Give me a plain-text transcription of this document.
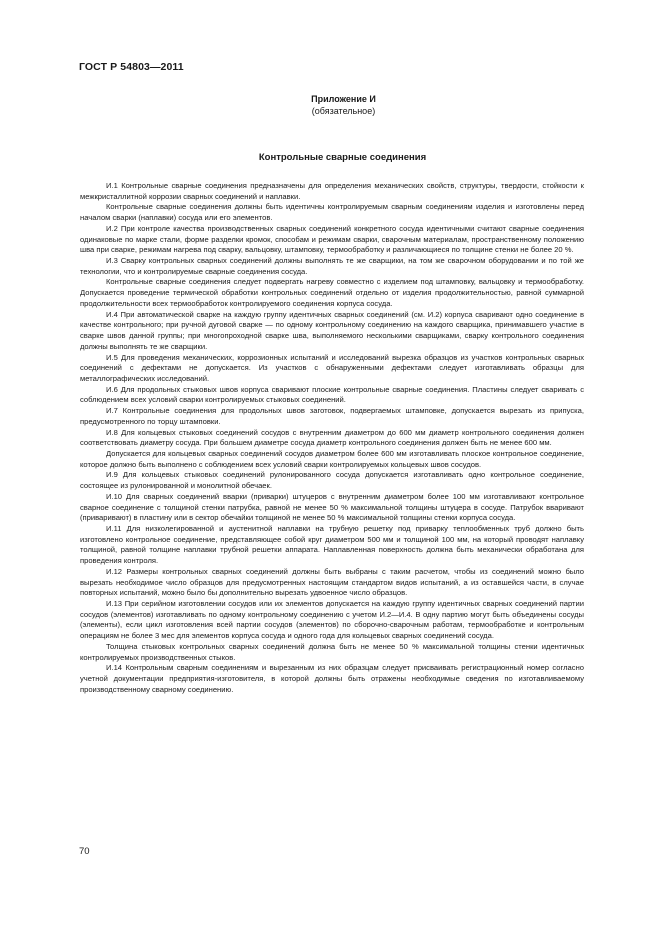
ГОСТ Р 54803—2011
Приложение И
(обязательное)
Контрольные сварные соединения

И.1 Контрольные сварные соединения предназначены для определения механических свойств, структуры, твердости, стойкости к межкристаллитной коррозии сварных соединений и наплавки.

Контрольные сварные соединения должны быть идентичны контролируемым сварным соединениям изделия и изготовлены перед началом сварки (наплавки) сосуда или его элементов.

И.2 При контроле качества производственных сварных соединений конкретного сосуда идентичными считают сварные соединения одинаковые по марке стали, форме разделки кромок, способам и режимам сварки, сварочным материалам, пространственному положению шва при сварке, режимам нагрева под сварку, вальцовку, штамповку, термообработку и различающиеся по толщине стенки не более 20 %.

И.3 Сварку контрольных сварных соединений должны выполнять те же сварщики, на том же сварочном оборудовании и по той же технологии, что и контролируемые сварные соединения сосуда.

Контрольные сварные соединения следует подвергать нагреву совместно с изделием под штамповку, вальцовку и термообработку. Допускается проведение термической обработки контрольных соединений отдельно от изделия продолжительностью, равной суммарной продолжительности всех термообработок контролируемого соединения корпуса сосуда.

И.4 При автоматической сварке на каждую группу идентичных сварных соединений (см. И.2) корпуса сваривают одно соединение в качестве контрольного; при ручной дуговой сварке — по одному контрольному соединению на каждого сварщика, принимавшего участие в сварке швов данной группы; при многопроходной сварке шва, выполняемого несколькими сварщиками, сварку контрольного соединения должны выполнять те же сварщики.

И.5 Для проведения механических, коррозионных испытаний и исследований вырезка образцов из участков контрольных сварных соединений с дефектами не допускается. Из участков с обнаруженными дефектами следует изготавливать образцы для металлографических исследований.

И.6 Для продольных стыковых швов корпуса сваривают плоские контрольные сварные соединения. Пластины следует сваривать с соблюдением всех условий сварки контролируемых стыковых соединений.

И.7 Контрольные соединения для продольных швов заготовок, подвергаемых штамповке, допускается вырезать из припуска, предусмотренного по торцу штамповки.

И.8 Для кольцевых стыковых соединений сосудов с внутренним диаметром до 600 мм диаметр контрольного соединения должен соответствовать диаметру сосуда. При большем диаметре сосуда диаметр контрольного соединения должен быть не менее 600 мм.

Допускается для кольцевых сварных соединений сосудов диаметром более 600 мм изготавливать плоское контрольное соединение, которое должно быть выполнено с соблюдением всех условий сварки контролируемых кольцевых швов сосудов.

И.9 Для кольцевых стыковых соединений рулонированного сосуда допускается изготавливать одно контрольное соединение, состоящее из рулонированной и монолитной обечаек.

И.10 Для сварных соединений вварки (приварки) штуцеров с внутренним диаметром более 100 мм изготавливают контрольное сварное соединение с толщиной стенки патрубка, равной не менее 50 % максимальной толщины штуцера в сосуде. Патрубок вваривают (приваривают) в пластину или в сектор обечайки толщиной не менее 50 % максимальной толщины стенки корпуса сосуда.

И.11 Для низколегированной и аустенитной наплавки на трубную решетку под приварку теплообменных труб должно быть изготовлено контрольное соединение, представляющее собой круг диаметром 500 мм и толщиной 100 мм, на который проводят наплавку толщиной, равной толщине наплавки трубной решетки аппарата. Наплавленная поверхность должна быть механически обработана для проведения контроля.

И.12 Размеры контрольных сварных соединений должны быть выбраны с таким расчетом, чтобы из соединений можно было вырезать необходимое число образцов для предусмотренных настоящим стандартом видов испытаний, а из оставшейся части, в случае повторных испытаний, можно было бы дополнительно вырезать удвоенное число образцов.

И.13 При серийном изготовлении сосудов или их элементов допускается на каждую группу идентичных сварных соединений партии сосудов (элементов) изготавливать по одному контрольному соединению с учетом И.2—И.4. В одну партию могут быть объединены сосуды (элементы), если цикл изготовления всей партии сосудов (элементов) по сборочно-сварочным работам, термообработке и контрольным операциям не более 3 мес для элементов корпуса сосуда и одного года для кольцевых сварных соединений сосуда.

Толщина стыковых контрольных сварных соединений должна быть не менее 50 % максимальной толщины стенки идентичных контролируемых производственных стыков.

И.14 Контрольным сварным соединениям и вырезанным из них образцам следует присваивать регистрационный номер согласно учетной документации предприятия-изготовителя, в которой должны быть отражены необходимые сведения по изготавливаемому производственному сварному соединению.

70
